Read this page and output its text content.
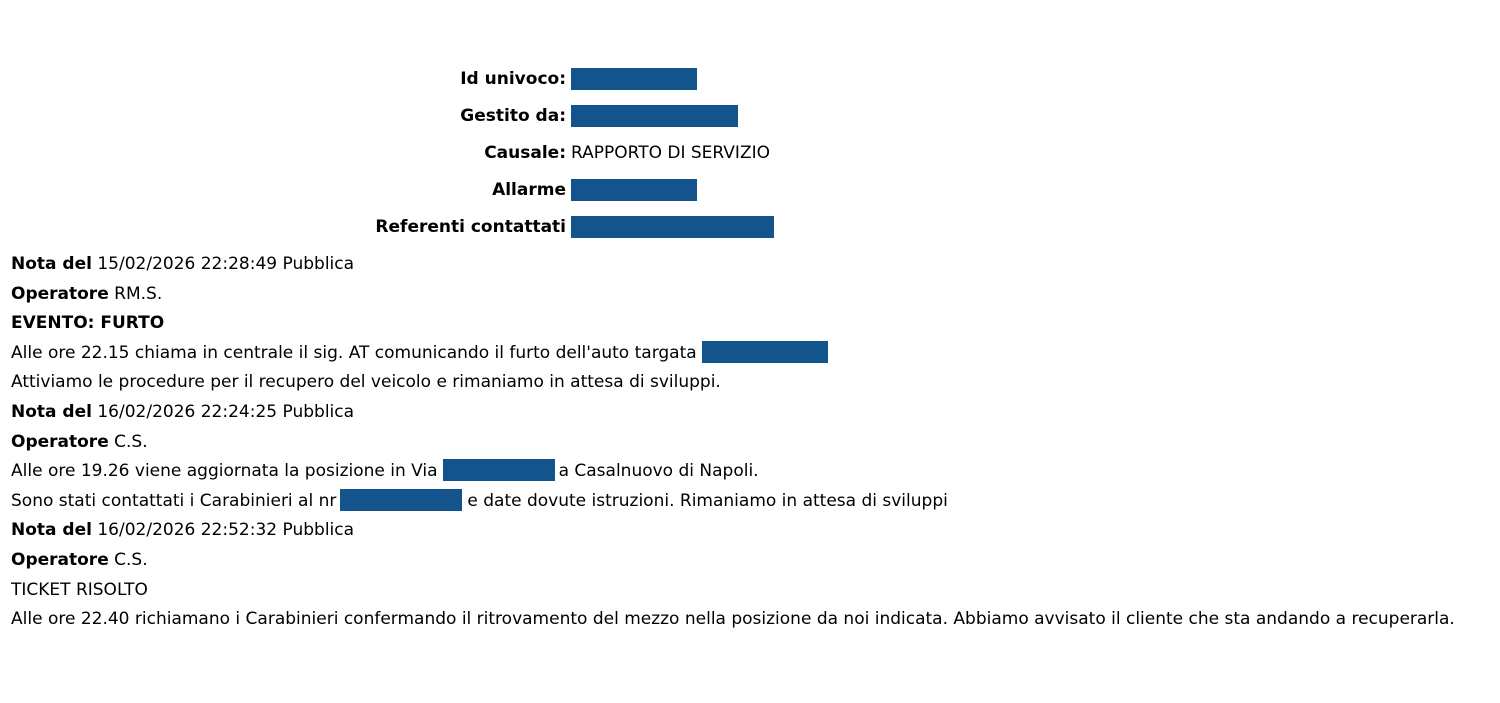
Id univoco:
Gestito da:
Causale: RAPPORTO DI SERVIZIO
Allarme
Referenti contattati
Nota del 15/02/2026 22:28:49 Pubblica
Operatore RM.S.
EVENTO: FURTO
Alle ore 22.15 chiama in centrale il sig. AT comunicando il furto dell'auto targata
Attiviamo le procedure per il recupero del veicolo e rimaniamo in attesa di sviluppi.
Nota del 16/02/2026 22:24:25 Pubblica
Operatore C.S.
Alle ore 19.26 viene aggiornata la posizione in Via	a Casalnuovo di Napoli.
Sono stati contattati i Carabinieri al nr	e date dovute istruzioni. Rimaniamo in attesa di sviluppi
Nota del 16/02/2026 22:52:32 Pubblica
Operatore C.S.
TICKET RISOLTO
Alle ore 22.40 richiamano i Carabinieri confermando il ritrovamento del mezzo nella posizione da noi indicata. Abbiamo avvisato il cliente che sta andando a recuperarla.
